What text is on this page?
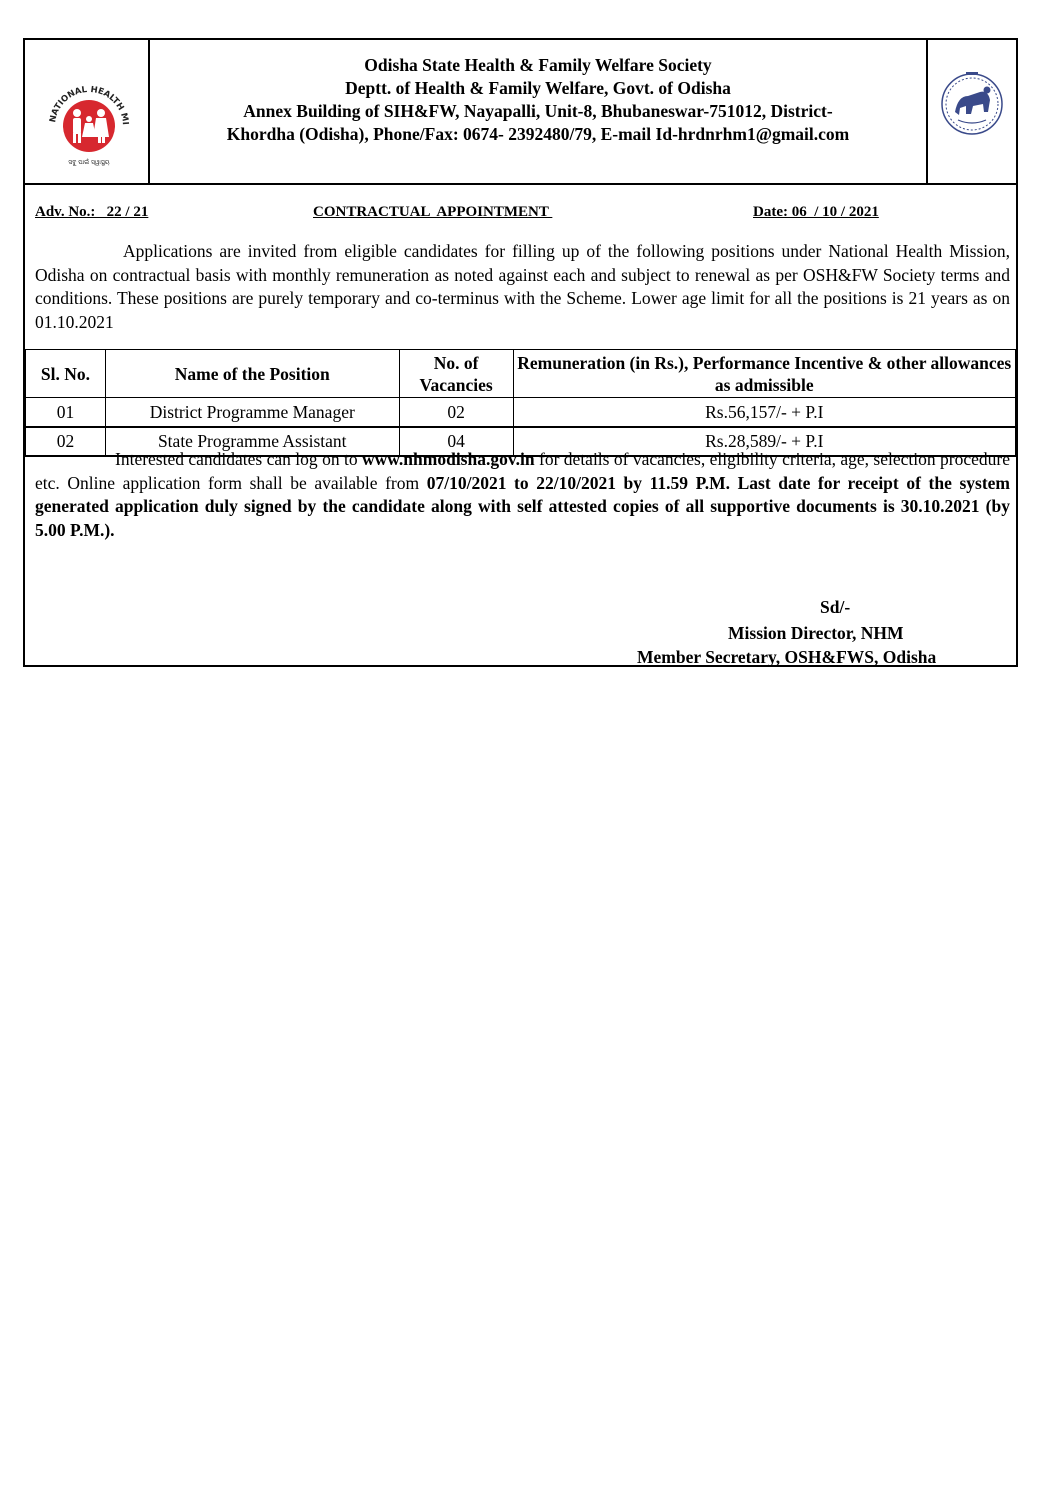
NATIONAL HEALTH MI
ସବୁ ପାଇଁ ସ୍ୱାସ୍ଥ୍ୟ
Odisha State Health & Family Welfare Society
Deptt. of Health & Family Welfare, Govt. of Odisha
Annex Building of SIH&FW, Nayapalli, Unit-8, Bhubaneswar-751012, District-
Khordha (Odisha), Phone/Fax: 0674- 2392480/79, E-mail Id-hrdnrhm1@gmail.com
Adv. No.:   22 / 21	CONTRACTUAL  APPOINTMENT	Date: 06  / 10 / 2021
Applications are invited from eligible candidates for filling up of the following positions under National Health Mission, Odisha on contractual basis with monthly remuneration as noted against each and subject to renewal as per OSH&FW Society terms and conditions. These positions are purely temporary and co-terminus with the Scheme. Lower age limit for all the positions is 21 years as on 01.10.2021
Sl. No.	Name of the Position	No. of Vacancies	Remuneration (in Rs.), Performance Incentive & other allowances as admissible
01	District Programme Manager	02	Rs.56,157/- + P.I
02	State Programme Assistant	04	Rs.28,589/- + P.I
Interested candidates can log on to www.nhmodisha.gov.in for details of vacancies, eligibility criteria, age, selection procedure etc. Online application form shall be available from 07/10/2021 to 22/10/2021 by 11.59 P.M. Last date for receipt of the system generated application duly signed by the candidate along with self attested copies of all supportive documents is 30.10.2021 (by 5.00 P.M.).
Sd/-
Mission Director, NHM
Member Secretary, OSH&FWS, Odisha
